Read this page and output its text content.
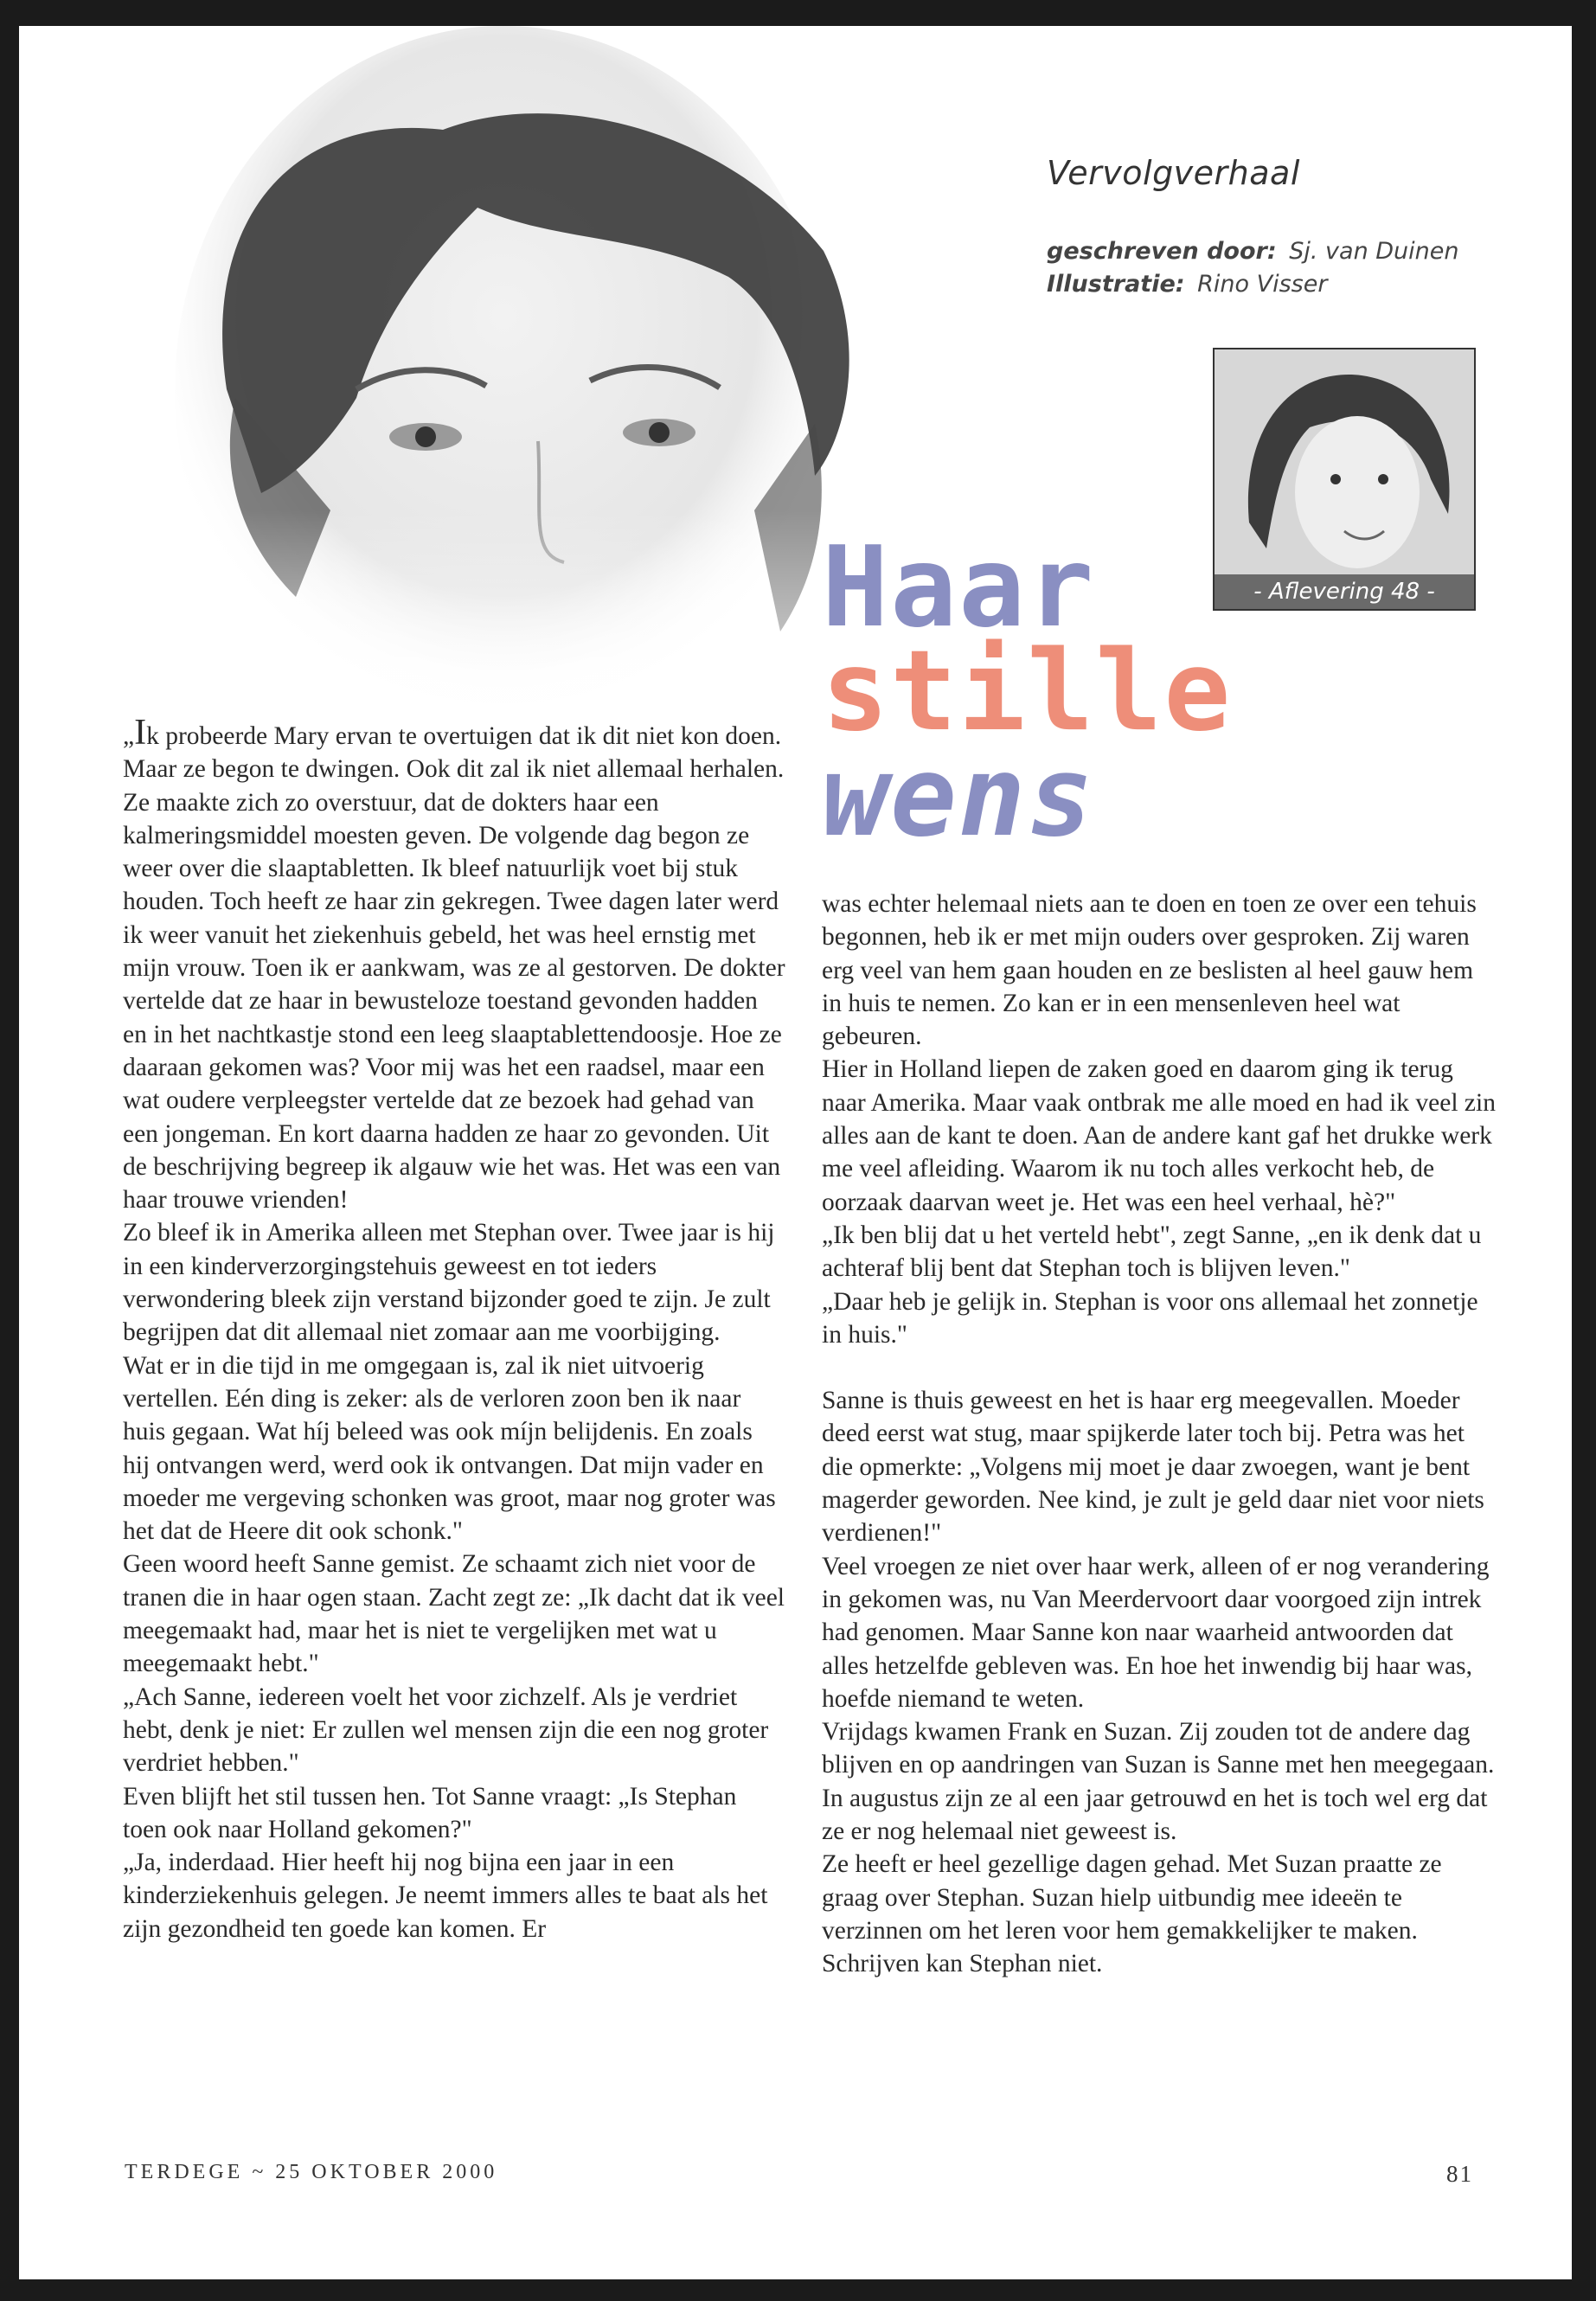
Vervolgverhaal
geschreven door: Sj. van Duinen
Illustratie: Rino Visser
- Aflevering 48 -
Haar
stille
wens

„Ik probeerde Mary ervan te overtuigen dat ik dit niet kon doen. Maar ze begon te dwingen. Ook dit zal ik niet allemaal herhalen. Ze maakte zich zo overstuur, dat de dokters haar een kalmeringsmiddel moesten geven. De volgende dag begon ze weer over die slaaptabletten. Ik bleef natuurlijk voet bij stuk houden. Toch heeft ze haar zin gekregen. Twee dagen later werd ik weer vanuit het ziekenhuis gebeld, het was heel ernstig met mijn vrouw. Toen ik er aankwam, was ze al gestorven. De dokter vertelde dat ze haar in bewusteloze toestand gevonden hadden en in het nachtkastje stond een leeg slaaptablettendoosje. Hoe ze daaraan gekomen was? Voor mij was het een raadsel, maar een wat oudere verpleegster vertelde dat ze bezoek had gehad van een jongeman. En kort daarna hadden ze haar zo gevonden. Uit de beschrijving begreep ik algauw wie het was. Het was een van haar trouwe vrienden!

Zo bleef ik in Amerika alleen met Stephan over. Twee jaar is hij in een kinderverzorgingstehuis geweest en tot ieders verwondering bleek zijn verstand bijzonder goed te zijn. Je zult begrijpen dat dit allemaal niet zomaar aan me voorbijging.

Wat er in die tijd in me omgegaan is, zal ik niet uitvoerig vertellen. Eén ding is zeker: als de verloren zoon ben ik naar huis gegaan. Wat híj beleed was ook míjn belijdenis. En zoals hij ontvangen werd, werd ook ik ontvangen. Dat mijn vader en moeder me vergeving schonken was groot, maar nog groter was het dat de Heere dit ook schonk."

Geen woord heeft Sanne gemist. Ze schaamt zich niet voor de tranen die in haar ogen staan. Zacht zegt ze: „Ik dacht dat ik veel meegemaakt had, maar het is niet te vergelijken met wat u meegemaakt hebt."

„Ach Sanne, iedereen voelt het voor zichzelf. Als je verdriet hebt, denk je niet: Er zullen wel mensen zijn die een nog groter verdriet hebben."

Even blijft het stil tussen hen. Tot Sanne vraagt: „Is Stephan toen ook naar Holland gekomen?"

„Ja, inderdaad. Hier heeft hij nog bijna een jaar in een kinderziekenhuis gelegen. Je neemt immers alles te baat als het zijn gezondheid ten goede kan komen. Er

was echter helemaal niets aan te doen en toen ze over een tehuis begonnen, heb ik er met mijn ouders over gesproken. Zij waren erg veel van hem gaan houden en ze beslisten al heel gauw hem in huis te nemen. Zo kan er in een mensenleven heel wat gebeuren.

Hier in Holland liepen de zaken goed en daarom ging ik terug naar Amerika. Maar vaak ontbrak me alle moed en had ik veel zin alles aan de kant te doen. Aan de andere kant gaf het drukke werk me veel afleiding. Waarom ik nu toch alles verkocht heb, de oorzaak daarvan weet je. Het was een heel verhaal, hè?"

„Ik ben blij dat u het verteld hebt", zegt Sanne, „en ik denk dat u achteraf blij bent dat Stephan toch is blijven leven."

„Daar heb je gelijk in. Stephan is voor ons allemaal het zonnetje in huis."

Sanne is thuis geweest en het is haar erg meegevallen. Moeder deed eerst wat stug, maar spijkerde later toch bij. Petra was het die opmerkte: „Volgens mij moet je daar zwoegen, want je bent magerder geworden. Nee kind, je zult je geld daar niet voor niets verdienen!"

Veel vroegen ze niet over haar werk, alleen of er nog verandering in gekomen was, nu Van Meerdervoort daar voorgoed zijn intrek had genomen. Maar Sanne kon naar waarheid antwoorden dat alles hetzelfde gebleven was. En hoe het inwendig bij haar was, hoefde niemand te weten.

Vrijdags kwamen Frank en Suzan. Zij zouden tot de andere dag blijven en op aandringen van Suzan is Sanne met hen meegegaan. In augustus zijn ze al een jaar getrouwd en het is toch wel erg dat ze er nog helemaal niet geweest is.

Ze heeft er heel gezellige dagen gehad. Met Suzan praatte ze graag over Stephan. Suzan hielp uitbundig mee ideeën te verzinnen om het leren voor hem gemakkelijker te maken. Schrijven kan Stephan niet.

TERDEGE ~ 25 OKTOBER 2000	81
